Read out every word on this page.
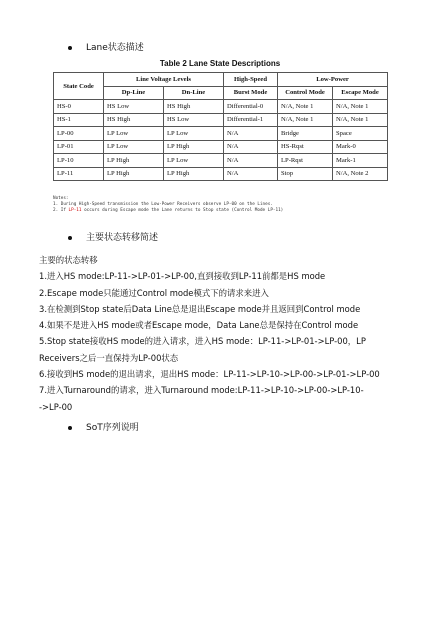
Lane状态描述
Table 2 Lane State Descriptions
State Code	Line Voltage Levels		High-Speed	Low-Power	
	Dp-Line	Dn-Line	Burst Mode	Control Mode	Escape Mode
HS-0	HS Low	HS High	Differential-0	N/A, Note 1	N/A, Note 1
HS-1	HS High	HS Low	Differential-1	N/A, Note 1	N/A, Note 1
LP-00	LP Low	LP Low	N/A	Bridge	Space
LP-01	LP Low	LP High	N/A	HS-Rqst	Mark-0
LP-10	LP High	LP Low	N/A	LP-Rqst	Mark-1
LP-11	LP High	LP High	N/A	Stop	N/A, Note 2
Notes:
1. During High-Speed transmission the Low-Power Receivers observe LP-00 on the Lines.
2. If LP-11 occurs during Escape mode the Lane returns to Stop state (Control Mode LP-11)
主要状态转移简述

主要的状态转移

1.进入HS mode:LP-11->LP-01->LP-00,直到接收到LP-11前都是HS mode

2.Escape mode只能通过Control mode模式下的请求来进入

3.在检测到Stop state后Data Line总是退出Escape mode并且返回到Control mode

4.如果不是进入HS mode或者Escape mode，Data Lane总是保持在Control mode

5.Stop state接收HS mode的进入请求，进入HS mode：LP-11->LP-01->LP-00，LP

Receivers之后一直保持为LP-00状态

6.接收到HS mode的退出请求，退出HS mode：LP-11->LP-10->LP-00->LP-01->LP-00

7.进入Turnaround的请求，进入Turnaround mode:LP-11->LP-10->LP-00->LP-10-

->LP-00

SoT序列说明
